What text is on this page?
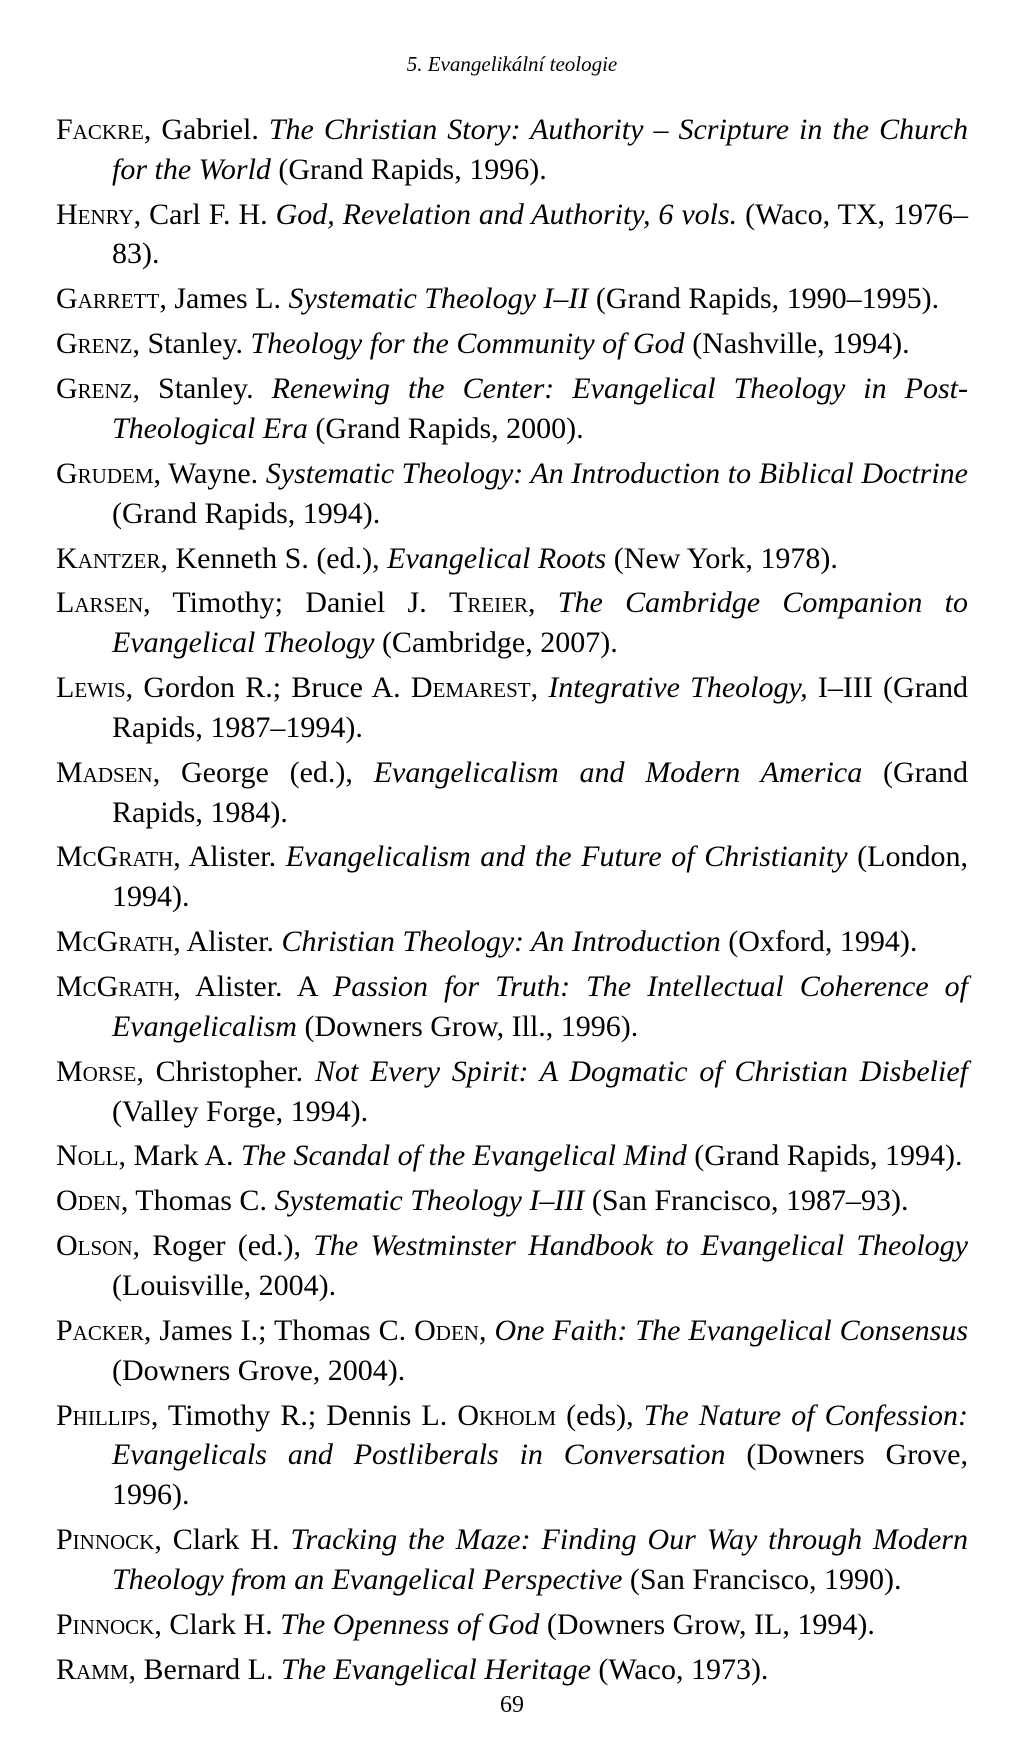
5. Evangelikální teologie

Fackre, Gabriel. The Christian Story: Authority – Scripture in the Church for the World (Grand Rapids, 1996).

Henry, Carl F. H. God, Revelation and Authority, 6 vols. (Waco, TX, 1976–83).

Garrett, James L. Systematic Theology I–II (Grand Rapids, 1990–1995).

Grenz, Stanley. Theology for the Community of God (Nashville, 1994).

Grenz, Stanley. Renewing the Center: Evangelical Theology in Post-Theological Era (Grand Rapids, 2000).

Grudem, Wayne. Systematic Theology: An Introduction to Biblical Doctrine (Grand Rapids, 1994).

Kantzer, Kenneth S. (ed.), Evangelical Roots (New York, 1978).

Larsen, Timothy; Daniel J. Treier, The Cambridge Companion to Evangelical Theology (Cambridge, 2007).

Lewis, Gordon R.; Bruce A. Demarest, Integrative Theology, I–III (Grand Rapids, 1987–1994).

Madsen, George (ed.), Evangelicalism and Modern America (Grand Rapids, 1984).

McGrath, Alister. Evangelicalism and the Future of Christianity (London, 1994).

McGrath, Alister. Christian Theology: An Introduction (Oxford, 1994).

McGrath, Alister. A Passion for Truth: The Intellectual Coherence of Evangelicalism (Downers Grow, Ill., 1996).

Morse, Christopher. Not Every Spirit: A Dogmatic of Christian Disbelief (Valley Forge, 1994).

Noll, Mark A. The Scandal of the Evangelical Mind (Grand Rapids, 1994).

Oden, Thomas C. Systematic Theology I–III (San Francisco, 1987–93).

Olson, Roger (ed.), The Westminster Handbook to Evangelical Theology (Louisville, 2004).

Packer, James I.; Thomas C. Oden, One Faith: The Evangelical Consensus (Downers Grove, 2004).

Phillips, Timothy R.; Dennis L. Okholm (eds), The Nature of Confession: Evangelicals and Postliberals in Conversation (Downers Grove, 1996).

Pinnock, Clark H. Tracking the Maze: Finding Our Way through Modern Theology from an Evangelical Perspective (San Francisco, 1990).

Pinnock, Clark H. The Openness of God (Downers Grow, IL, 1994).

Ramm, Bernard L. The Evangelical Heritage (Waco, 1973).

69
